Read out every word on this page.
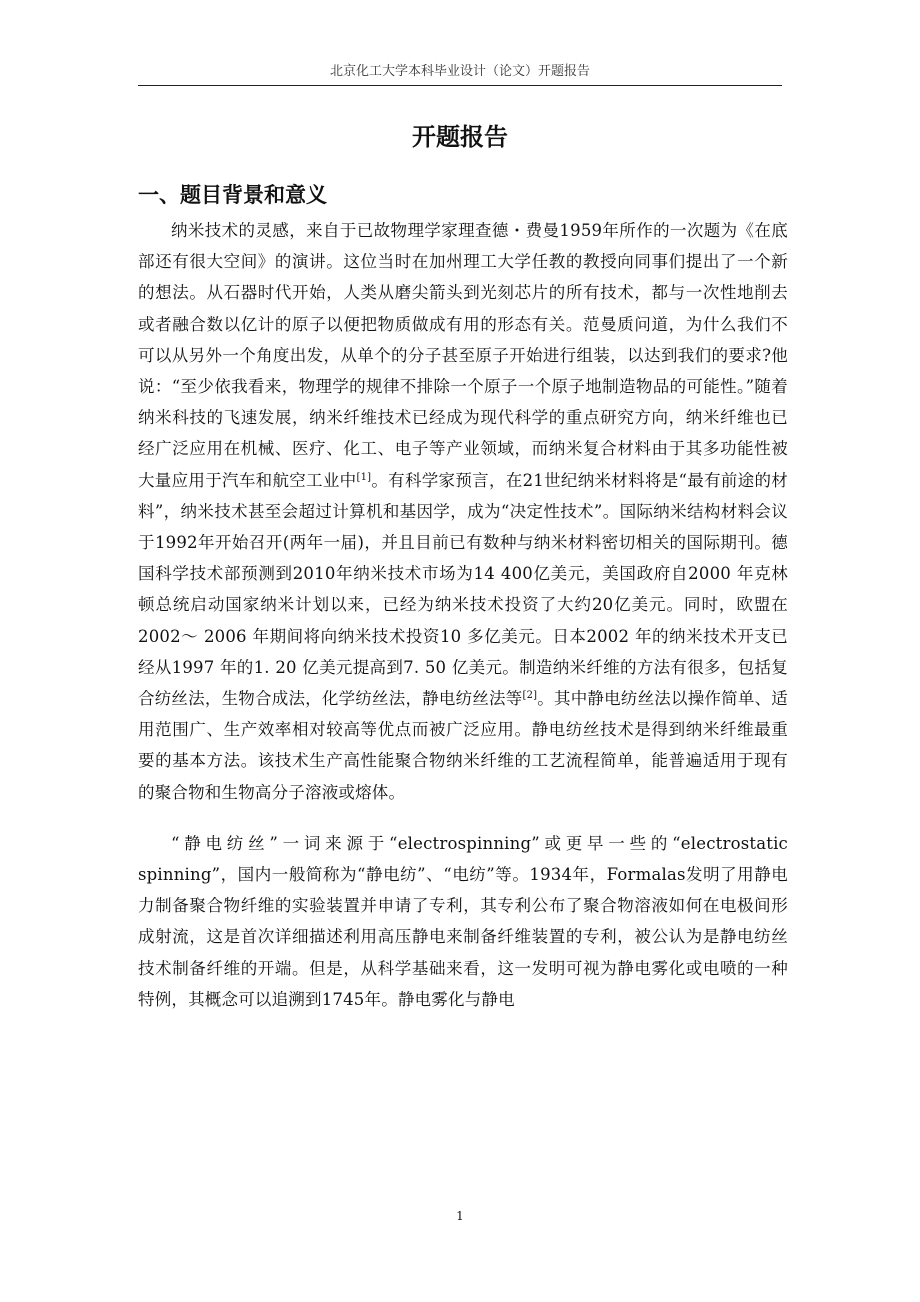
北京化工大学本科毕业设计（论文）开题报告
开题报告
一、题目背景和意义

纳米技术的灵感，来自于已故物理学家理查德・费曼1959年所作的一次题为《在底部还有很大空间》的演讲。这位当时在加州理工大学任教的教授向同事们提出了一个新的想法。从石器时代开始，人类从磨尖箭头到光刻芯片的所有技术，都与一次性地削去或者融合数以亿计的原子以便把物质做成有用的形态有关。范曼质问道，为什么我们不可以从另外一个角度出发，从单个的分子甚至原子开始进行组装，以达到我们的要求?他说：“至少依我看来，物理学的规律不排除一个原子一个原子地制造物品的可能性。”随着纳米科技的飞速发展，纳米纤维技术已经成为现代科学的重点研究方向，纳米纤维也已经广泛应用在机械、医疗、化工、电子等产业领域，而纳米复合材料由于其多功能性被大量应用于汽车和航空工业中[1]。有科学家预言，在21世纪纳米材料将是“最有前途的材料”，纳米技术甚至会超过计算机和基因学，成为“决定性技术”。国际纳米结构材料会议于1992年开始召开(两年一届)，并且目前已有数种与纳米材料密切相关的国际期刊。德国科学技术部预测到2010年纳米技术市场为14 400亿美元，美国政府自2000 年克林顿总统启动国家纳米计划以来，已经为纳米技术投资了大约20亿美元。同时，欧盟在2002～ 2006 年期间将向纳米技术投资10 多亿美元。日本2002 年的纳米技术开支已经从1997 年的1. 20 亿美元提高到7. 50 亿美元。制造纳米纤维的方法有很多，包括复合纺丝法，生物合成法，化学纺丝法，静电纺丝法等[2]。其中静电纺丝法以操作简单、适用范围广、生产效率相对较高等优点而被广泛应用。静电纺丝技术是得到纳米纤维最重要的基本方法。该技术生产高性能聚合物纳米纤维的工艺流程简单，能普遍适用于现有的聚合物和生物高分子溶液或熔体。

“静电纺丝”一词来源于“electrospinning”或更早一些的“electrostatic spinning”，国内一般简称为“静电纺”、“电纺”等。1934年，Formalas发明了用静电力制备聚合物纤维的实验装置并申请了专利，其专利公布了聚合物溶液如何在电极间形成射流，这是首次详细描述利用高压静电来制备纤维装置的专利，被公认为是静电纺丝技术制备纤维的开端。但是，从科学基础来看，这一发明可视为静电雾化或电喷的一种特例，其概念可以追溯到1745年。静电雾化与静电

1
